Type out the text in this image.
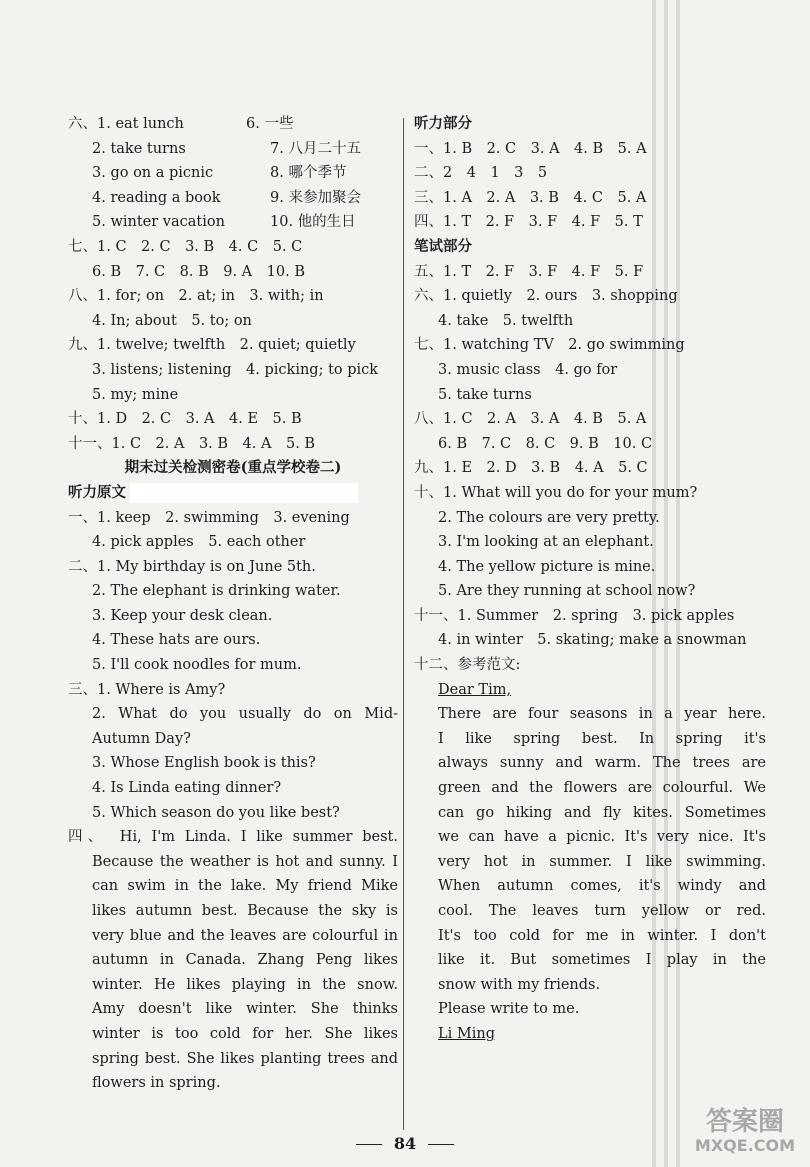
六、1. eat lunch	6. 一些
2. take turns	7. 八月二十五
3. go on a picnic	8. 哪个季节
4. reading a book	9. 来参加聚会
5. winter vacation	10. 他的生日
七、1. C　2. C　3. B　4. C　5. C
6. B　7. C　8. B　9. A　10. B
八、1. for; on　2. at; in　3. with; in
4. In; about　5. to; on
九、1. twelve; twelfth　2. quiet; quietly
3. listens; listening　4. picking; to pick
5. my; mine
十、1. D　2. C　3. A　4. E　5. B
十一、1. C　2. A　3. B　4. A　5. B
期末过关检测密卷(重点学校卷二)
听力原文
一、1. keep　2. swimming　3. evening
4. pick apples　5. each other
二、1. My birthday is on June 5th.
2. The elephant is drinking water.
3. Keep your desk clean.
4. These hats are ours.
5. I'll cook noodles for mum.
三、1. Where is Amy?
2. What do you usually do on Mid-
Autumn Day?
3. Whose English book is this?
4. Is Linda eating dinner?
5. Which season do you like best?
四、　Hi, I'm Linda. I like summer best.
Because the weather is hot and sunny. I
can swim in the lake. My friend Mike
likes autumn best. Because the sky is
very blue and the leaves are colourful in
autumn in Canada. Zhang Peng likes
winter. He likes playing in the snow.
Amy doesn't like winter. She thinks
winter is too cold for her. She likes
spring best. She likes planting trees and
flowers in spring.
听力部分
一、1. B　2. C　3. A　4. B　5. A
二、2　4　1　3　5
三、1. A　2. A　3. B　4. C　5. A
四、1. T　2. F　3. F　4. F　5. T
笔试部分
五、1. T　2. F　3. F　4. F　5. F
六、1. quietly　2. ours　3. shopping
4. take　5. twelfth
七、1. watching TV　2. go swimming
3. music class　4. go for
5. take turns
八、1. C　2. A　3. A　4. B　5. A
6. B　7. C　8. C　9. B　10. C
九、1. E　2. D　3. B　4. A　5. C
十、1. What will you do for your mum?
2. The colours are very pretty.
3. I'm looking at an elephant.
4. The yellow picture is mine.
5. Are they running at school now?
十一、1. Summer　2. spring　3. pick apples
4. in winter　5. skating; make a snowman
十二、参考范文:
Dear Tim,
There are four seasons in a year here.
I like spring best. In spring it's
always sunny and warm. The trees are
green and the flowers are colourful. We
can go hiking and fly kites. Sometimes
we can have a picnic. It's very nice. It's
very hot in summer. I like swimming.
When autumn comes, it's windy and
cool. The leaves turn yellow or red.
It's too cold for me in winter. I don't
like it. But sometimes I play in the
snow with my friends.
Please write to me.
Li Ming
84
答案圈
MXQE.COM
